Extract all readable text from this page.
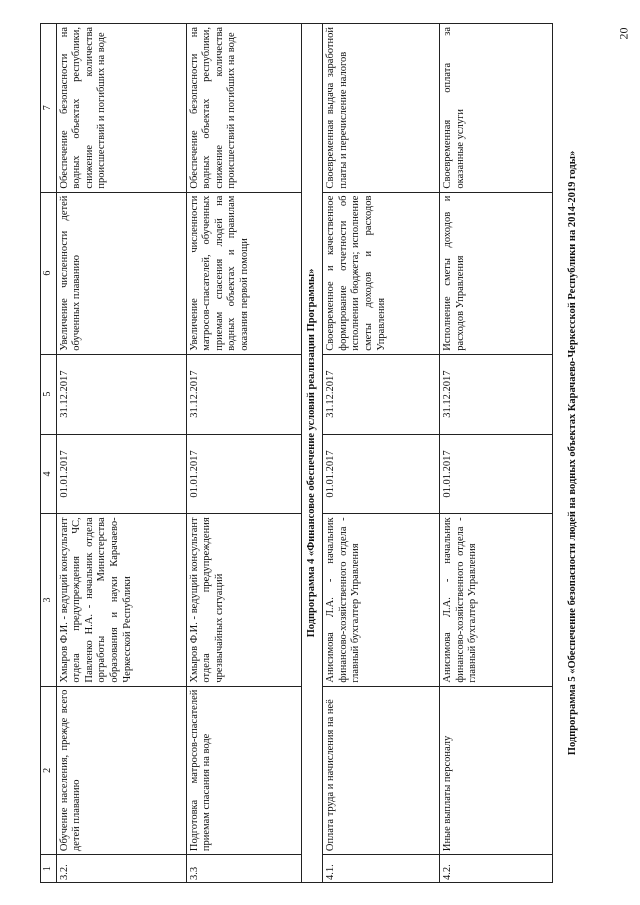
20
1	2	3	4	5	6	7
3.2.	Обучение населения, прежде всего детей плаванию	Хмыров Ф.И. - ведущий консультант отдела предупреждения ЧС, Павленко Н.А. - начальник отдела оргработы Министерства образования и науки Карачаево-Черкесской Республики	01.01.2017	31.12.2017	Увеличение численности детей обученных плаванию	Обеспечение безопасности на водных объектах республики, снижение количества происшествий и погибших на воде
3.3	Подготовка матросов-спасателей приемам спасания на воде	Хмыров Ф.И. - ведущий консультант отдела предупреждения чрезвычайных ситуаций	01.01.2017	31.12.2017	Увеличение численности матросов-спасателей, обученных приемам спасения людей на водных объектах и правилам оказания первой помощи	Обеспечение безопасности на водных объектах республики, снижение количества происшествий и погибших на воде
Подпрограмма 4 «Финансовое обеспечение условий реализации Программы»						
4.1.	Оплата труда и начисления на неё	Анисимова Л.А. - начальник финансово-хозяйственного отдела - главный бухгалтер Управления	01.01.2017	31.12.2017	Своевременное и качественное формирование отчетности об исполнении бюджета; исполнение сметы доходов и расходов Управления	Своевременная выдача заработной платы и перечисление налогов
4.2.	Иные выплаты персоналу	Анисимова Л.А. - начальник финансово-хозяйственного отдела - главный бухгалтер Управления	01.01.2017	31.12.2017	Исполнение сметы доходов и расходов Управления	Своевременная оплата за оказанные услуги
Подпрограмма 5 «Обеспечение безопасности людей на водных объектах Карачаево-Черкесской Республики на 2014-2019 годы»
